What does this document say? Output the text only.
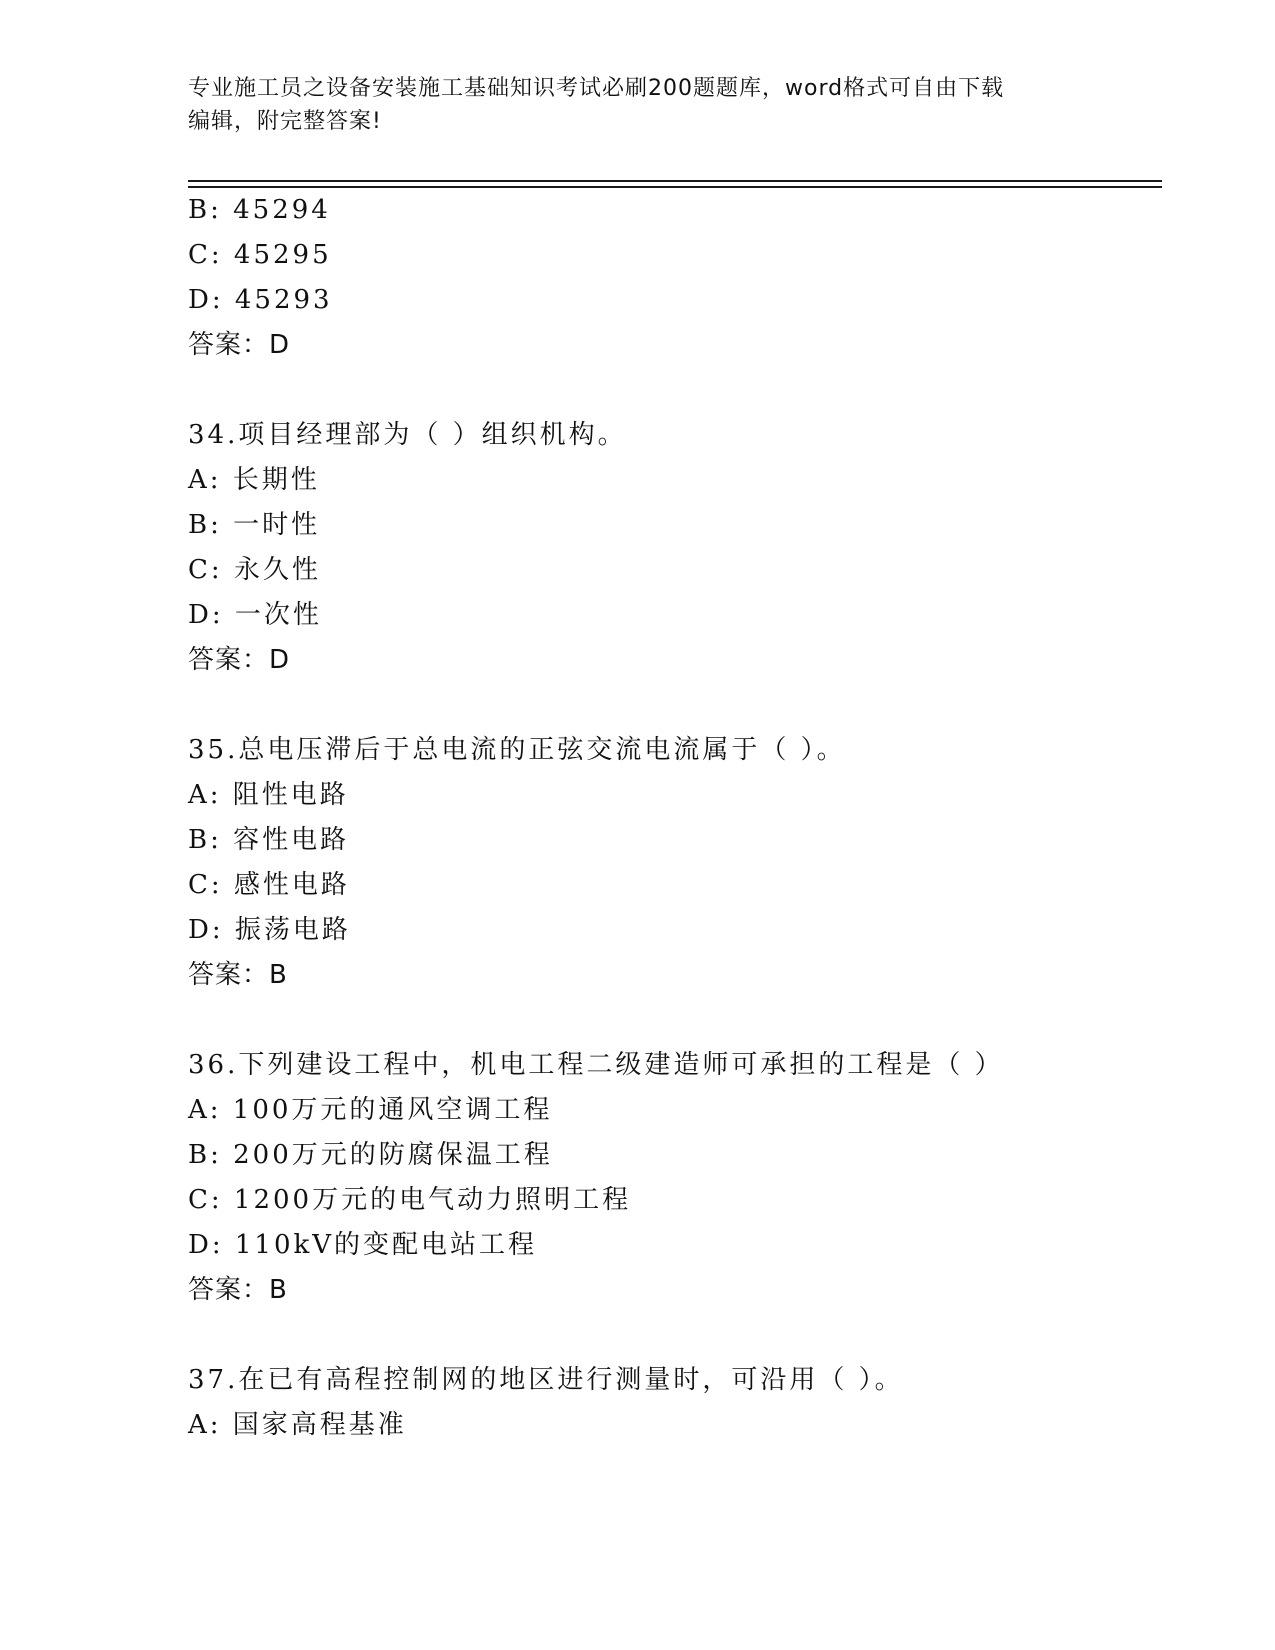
专业施工员之设备安装施工基础知识考试必刷200题题库，word格式可自由下载
编辑，附完整答案!
B: 45294
C: 45295
D: 45293
答案：D
34.项目经理部为（ ）组织机构。
A: 长期性
B: 一时性
C: 永久性
D: 一次性
答案：D
35.总电压滞后于总电流的正弦交流电流属于（ ）。
A: 阻性电路
B: 容性电路
C: 感性电路
D: 振荡电路
答案：B
36.下列建设工程中，机电工程二级建造师可承担的工程是（ ）
A: 100万元的通风空调工程
B: 200万元的防腐保温工程
C: 1200万元的电气动力照明工程
D: 110kV的变配电站工程
答案：B
37.在已有高程控制网的地区进行测量时，可沿用（ ）。
A: 国家高程基准
